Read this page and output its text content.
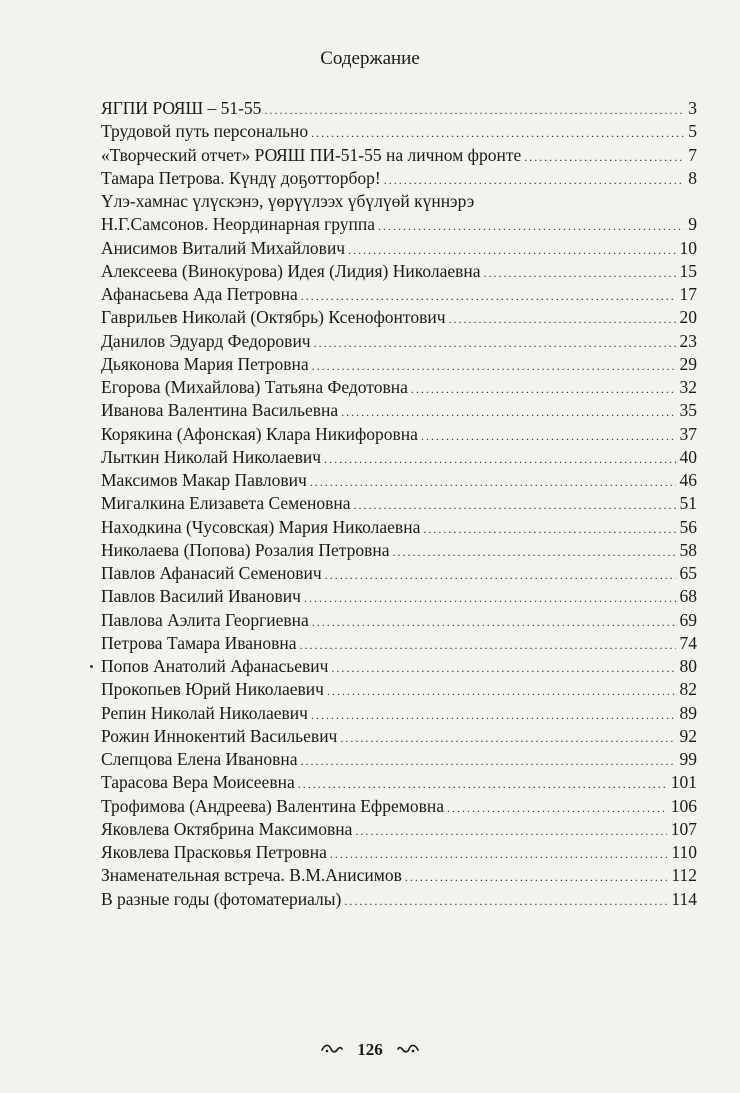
Содержание
ЯГПИ РОЯШ – 51-55 .....	3
Трудовой путь персонально .....	5
«Творческий отчет» РОЯШ ПИ-51-55 на личном фронте .....	7
Тамара Петрова. Күндү доҕотторбор! .....	8
Үлэ-хамнас үлүскэнэ, үөрүүлээх үбүлүөй күннэрэ
Н.Г.Самсонов. Неординарная группа .....	9
Анисимов Виталий Михайлович .....	10
Алексеева (Винокурова) Идея (Лидия) Николаевна .....	15
Афанасьева Ада Петровна .....	17
Гаврильев Николай (Октябрь) Ксенофонтович .....	20
Данилов Эдуард Федорович .....	23
Дьяконова Мария Петровна .....	29
Егорова (Михайлова) Татьяна Федотовна .....	32
Иванова Валентина Васильевна .....	35
Корякина (Афонская) Клара Никифоровна .....	37
Лыткин Николай Николаевич .....	40
Максимов Макар Павлович .....	46
Мигалкина Елизавета Семеновна .....	51
Находкина (Чусовская) Мария Николаевна .....	56
Николаева (Попова) Розалия Петровна .....	58
Павлов Афанасий Семенович .....	65
Павлов Василий Иванович .....	68
Павлова Аэлита Георгиевна .....	69
Петрова Тамара Ивановна .....	74
Попов Анатолий Афанасьевич .....	80
Прокопьев Юрий Николаевич .....	82
Репин Николай Николаевич .....	89
Рожин Иннокентий Васильевич .....	92
Слепцова Елена Ивановна .....	99
Тарасова Вера Моисеевна .....	101
Трофимова (Андреева) Валентина Ефремовна .....	106
Яковлева Октябрина Максимовна .....	107
Яковлева Прасковья Петровна .....	110
Знаменательная встреча. В.М.Анисимов .....	112
В разные годы (фотоматериалы) .....	114
126
